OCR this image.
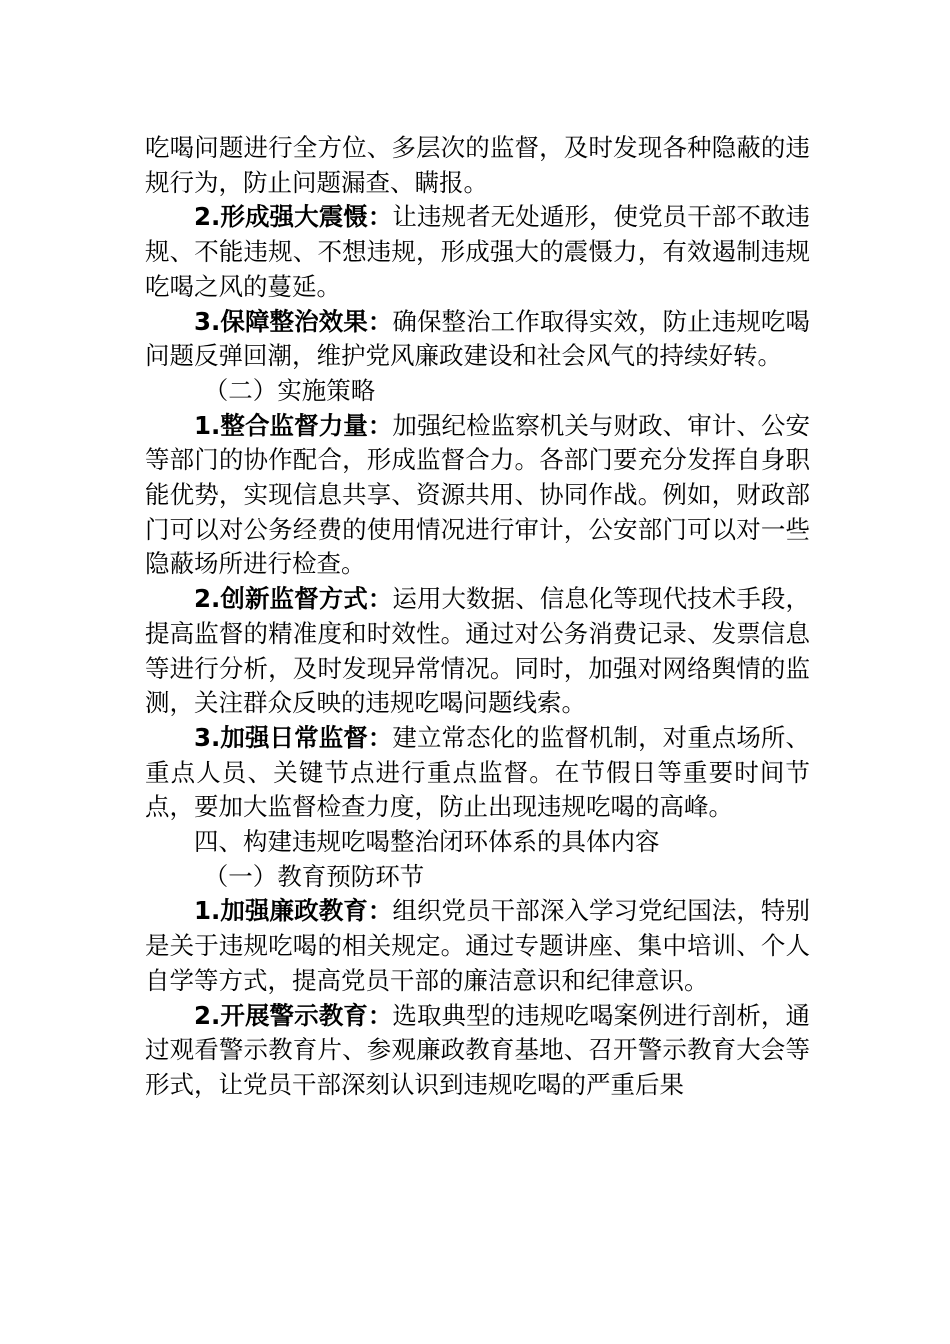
吃喝问题进行全方位、多层次的监督，及时发现各种隐蔽的违规行为，防止问题漏查、瞒报。

2.形成强大震慑：让违规者无处遁形，使党员干部不敢违规、不能违规、不想违规，形成强大的震慑力，有效遏制违规吃喝之风的蔓延。

3.保障整治效果：确保整治工作取得实效，防止违规吃喝问题反弹回潮，维护党风廉政建设和社会风气的持续好转。

（二）实施策略

1.整合监督力量：加强纪检监察机关与财政、审计、公安等部门的协作配合，形成监督合力。各部门要充分发挥自身职能优势，实现信息共享、资源共用、协同作战。例如，财政部门可以对公务经费的使用情况进行审计，公安部门可以对一些隐蔽场所进行检查。

2.创新监督方式：运用大数据、信息化等现代技术手段，提高监督的精准度和时效性。通过对公务消费记录、发票信息等进行分析，及时发现异常情况。同时，加强对网络舆情的监测，关注群众反映的违规吃喝问题线索。

3.加强日常监督：建立常态化的监督机制，对重点场所、重点人员、关键节点进行重点监督。在节假日等重要时间节点，要加大监督检查力度，防止出现违规吃喝的高峰。

四、构建违规吃喝整治闭环体系的具体内容

（一）教育预防环节

1.加强廉政教育：组织党员干部深入学习党纪国法，特别是关于违规吃喝的相关规定。通过专题讲座、集中培训、个人自学等方式，提高党员干部的廉洁意识和纪律意识。

2.开展警示教育：选取典型的违规吃喝案例进行剖析，通过观看警示教育片、参观廉政教育基地、召开警示教育大会等形式，让党员干部深刻认识到违规吃喝的严重后果
